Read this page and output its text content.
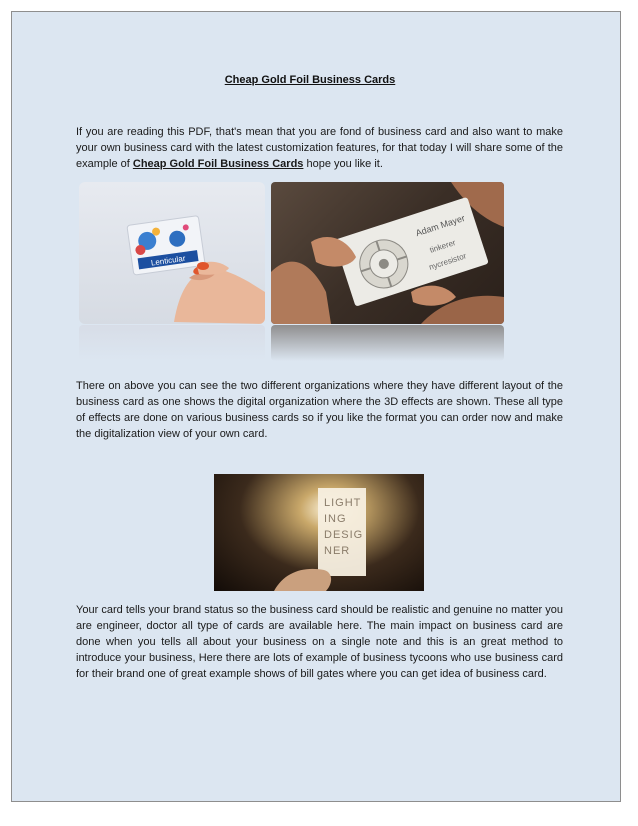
Cheap Gold Foil Business Cards
If you are reading this PDF, that's mean that you are fond of business card and also want to make your own business card with the latest customization features, for that today I will share some of the example of Cheap Gold Foil Business Cards hope you like it.
Lenticular
Adam Mayer
tinkerer
nycresistor
There on above you can see the two different organizations where they have different layout of the business card as one shows the digital organization where the 3D effects are shown. These all type of effects are done on various business cards so if you like the format you can order now and make the digitalization view of your own card.
LIGHT
ING
DESIG
NER
Your card tells your brand status so the business card should be realistic and genuine no matter you are engineer, doctor all type of cards are available here. The main impact on business card are done when you tells all about your business on a single note and this is an great method to introduce your business, Here there are lots of example of business tycoons who use business card for their brand one of great example shows of bill gates where you can get idea of business card.
